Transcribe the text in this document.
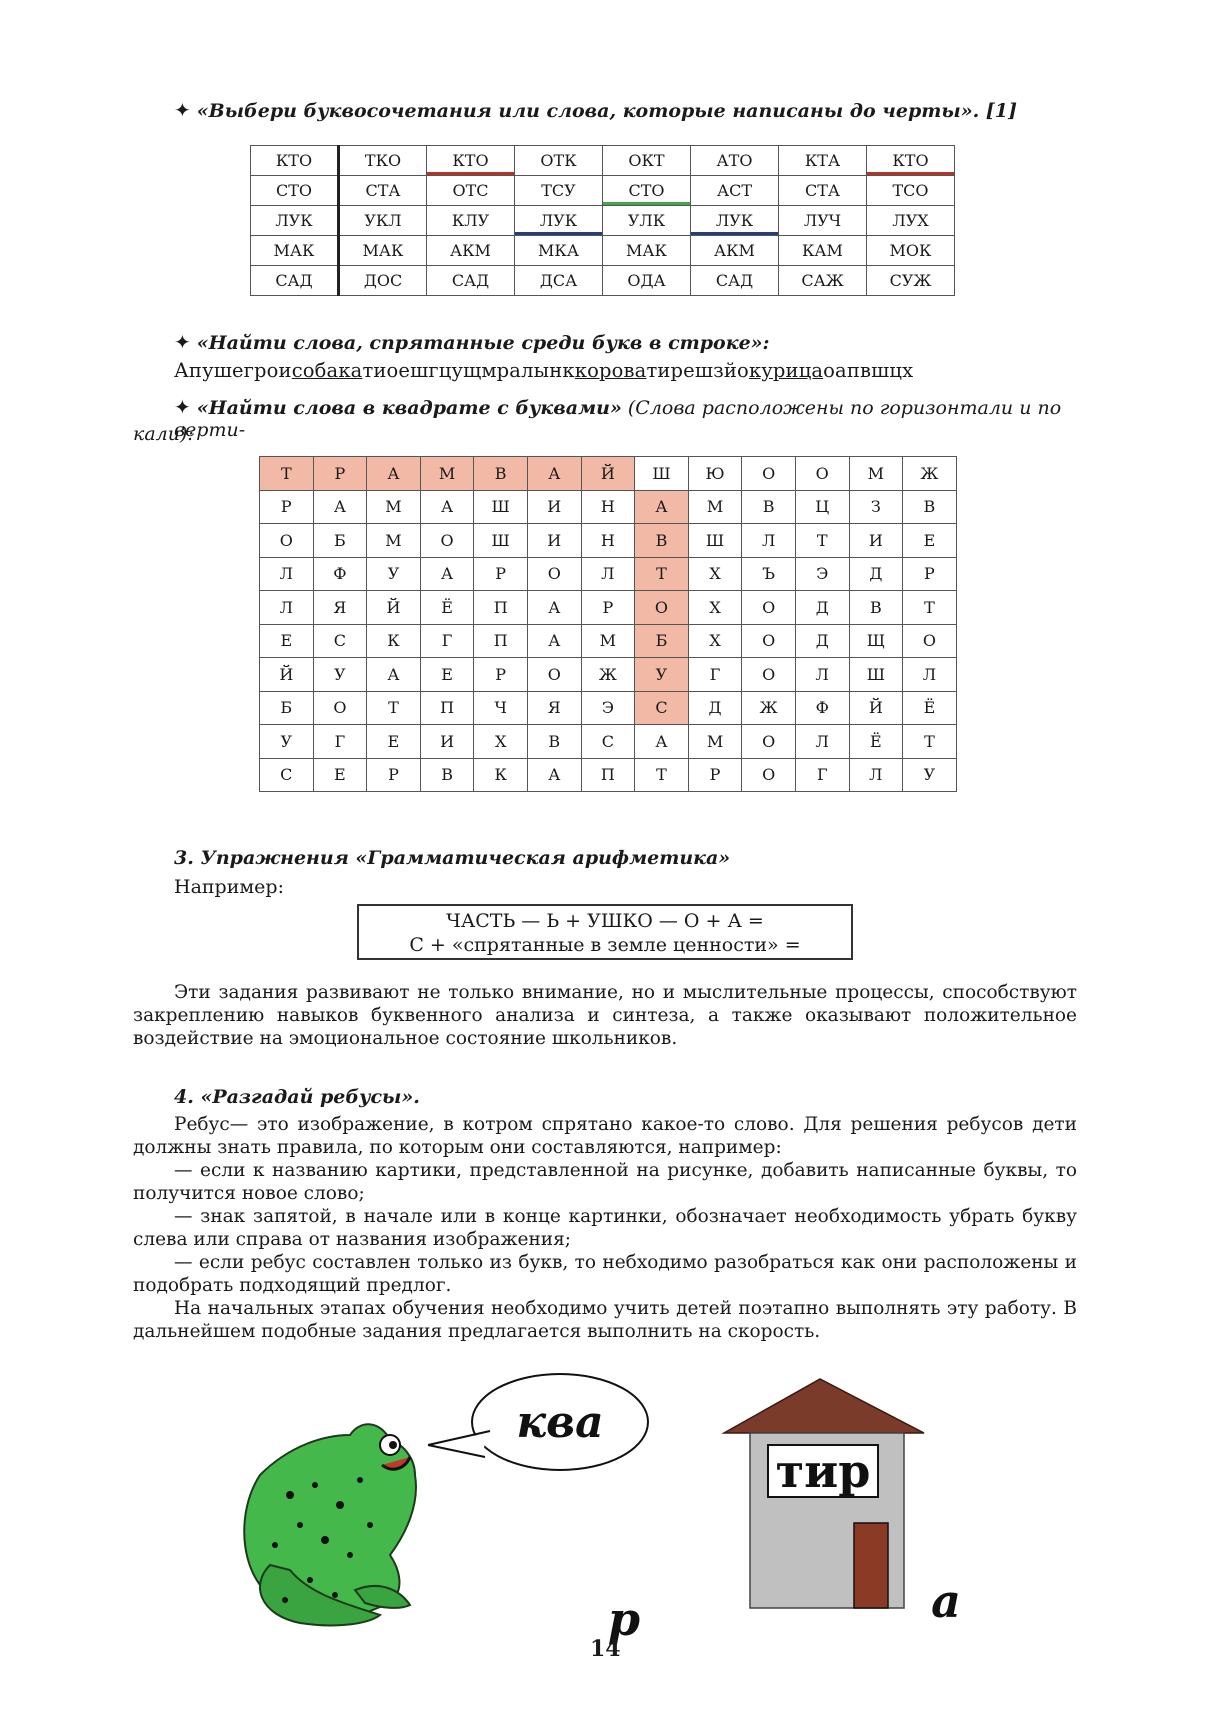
✦ «Выбери буквосочетания или слова, которые написаны до черты». [1]
КТО	ТКО	КТО	ОТК	ОКТ	АТО	КТА	КТО
СТО	СТА	ОТС	ТСУ	СТО	АСТ	СТА	ТСО
ЛУК	УКЛ	КЛУ	ЛУК	УЛК	ЛУК	ЛУЧ	ЛУХ
МАК	МАК	АКМ	МКА	МАК	АКМ	КАМ	МОК
САД	ДОС	САД	ДСА	ОДА	САД	САЖ	СУЖ
✦ «Найти слова, спрятанные среди букв в строке»:
Апушегроисобакатиоешгцущмралынккороватирешзйокурицаоапвшцх
✦ «Найти слова в квадрате с буквами» (Слова расположены по горизонтали и по верти-
кали):
Т	Р	А	М	В	А	Й	Ш	Ю	О	О	М	Ж
Р	А	М	А	Ш	И	Н	А	М	В	Ц	З	В
О	Б	М	О	Ш	И	Н	В	Ш	Л	Т	И	Е
Л	Ф	У	А	Р	О	Л	Т	Х	Ъ	Э	Д	Р
Л	Я	Й	Ё	П	А	Р	О	Х	О	Д	В	Т
Е	С	К	Г	П	А	М	Б	Х	О	Д	Щ	О
Й	У	А	Е	Р	О	Ж	У	Г	О	Л	Ш	Л
Б	О	Т	П	Ч	Я	Э	С	Д	Ж	Ф	Й	Ё
У	Г	Е	И	Х	В	С	А	М	О	Л	Ё	Т
С	Е	Р	В	К	А	П	Т	Р	О	Г	Л	У
3. Упражнения «Грамматическая арифметика»
Например:
ЧАСТЬ — Ь + УШКО — О + А =
С + «спрятанные в земле ценности» =
Эти задания развивают не только внимание, но и мыслительные процессы, способствуют закреплению навыков буквенного анализа и синтеза, а также оказывают положительное воздействие на эмоциональное состояние школьников.
4. «Разгадай ребусы».
Ребус— это изображение, в котром спрятано какое-то слово. Для решения ребусов дети должны знать правила, по которым они составляются, например:
— если к названию картики, представленной на рисунке, добавить написанные буквы, то получится новое слово;
— знак запятой, в начале или в конце картинки, обозначает необходимость убрать букву слева или справа от названия изображения;
— если ребус составлен только из букв, то небходимо разобраться как они расположены и подобрать подходящий предлог.
На начальных этапах обучения необходимо учить детей поэтапно выполнять эту работу. В дальнейшем подобные задания предлагается выполнить на скорость.
ква
р
тир
а
14
